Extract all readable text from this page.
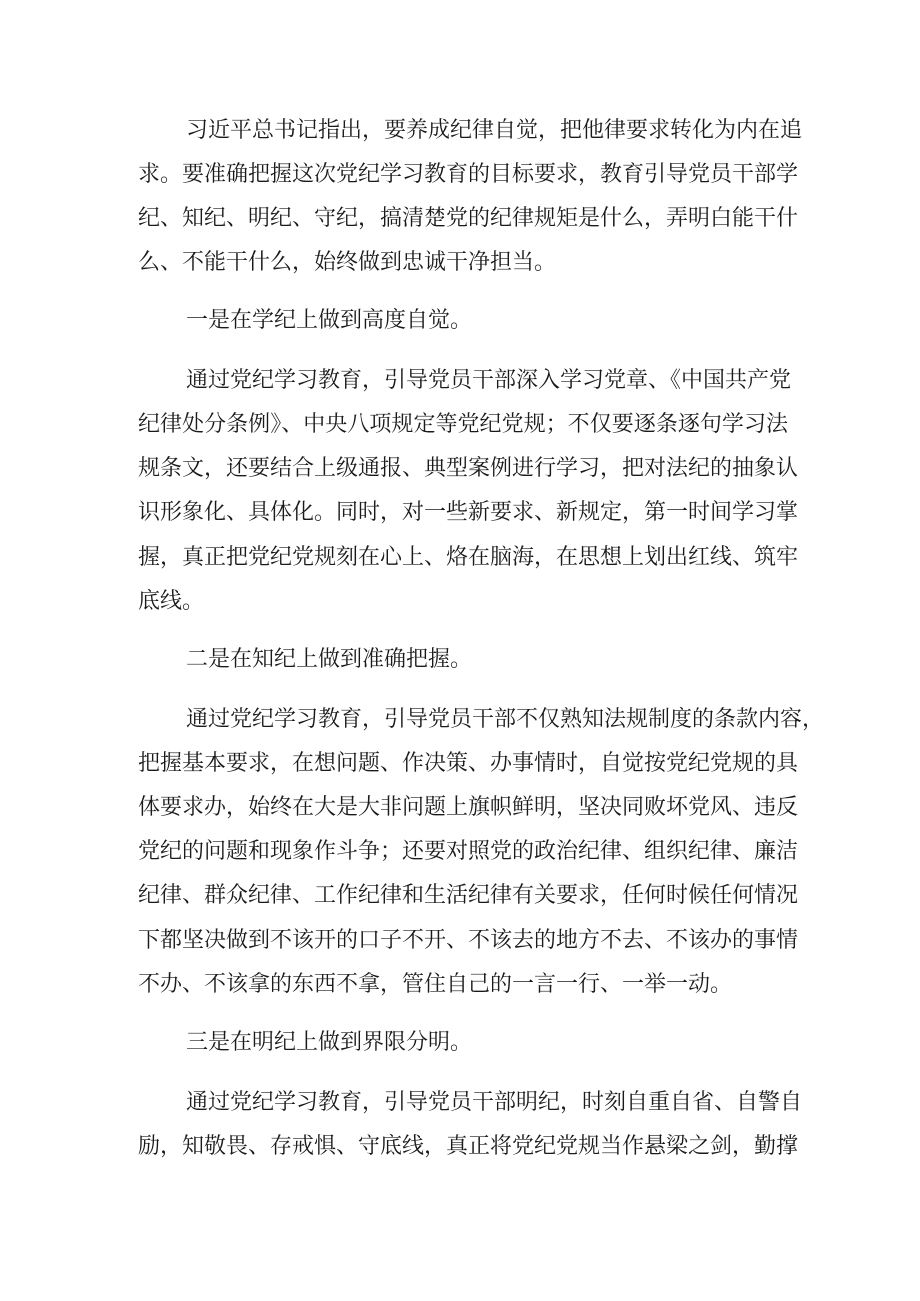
习近平总书记指出，要养成纪律自觉，把他律要求转化为内在追
求。要准确把握这次党纪学习教育的目标要求，教育引导党员干部学
纪、知纪、明纪、守纪，搞清楚党的纪律规矩是什么，弄明白能干什
么、不能干什么，始终做到忠诚干净担当。
一是在学纪上做到高度自觉。
通过党纪学习教育，引导党员干部深入学习党章、《中国共产党
纪律处分条例》、中央八项规定等党纪党规；不仅要逐条逐句学习法
规条文，还要结合上级通报、典型案例进行学习，把对法纪的抽象认
识形象化、具体化。同时，对一些新要求、新规定，第一时间学习掌
握，真正把党纪党规刻在心上、烙在脑海，在思想上划出红线、筑牢
底线。
二是在知纪上做到准确把握。
通过党纪学习教育，引导党员干部不仅熟知法规制度的条款内容，
把握基本要求，在想问题、作决策、办事情时，自觉按党纪党规的具
体要求办，始终在大是大非问题上旗帜鲜明，坚决同败坏党风、违反
党纪的问题和现象作斗争；还要对照党的政治纪律、组织纪律、廉洁
纪律、群众纪律、工作纪律和生活纪律有关要求，任何时候任何情况
下都坚决做到不该开的口子不开、不该去的地方不去、不该办的事情
不办、不该拿的东西不拿，管住自己的一言一行、一举一动。
三是在明纪上做到界限分明。
通过党纪学习教育，引导党员干部明纪，时刻自重自省、自警自
励，知敬畏、存戒惧、守底线，真正将党纪党规当作悬梁之剑，勤撑
